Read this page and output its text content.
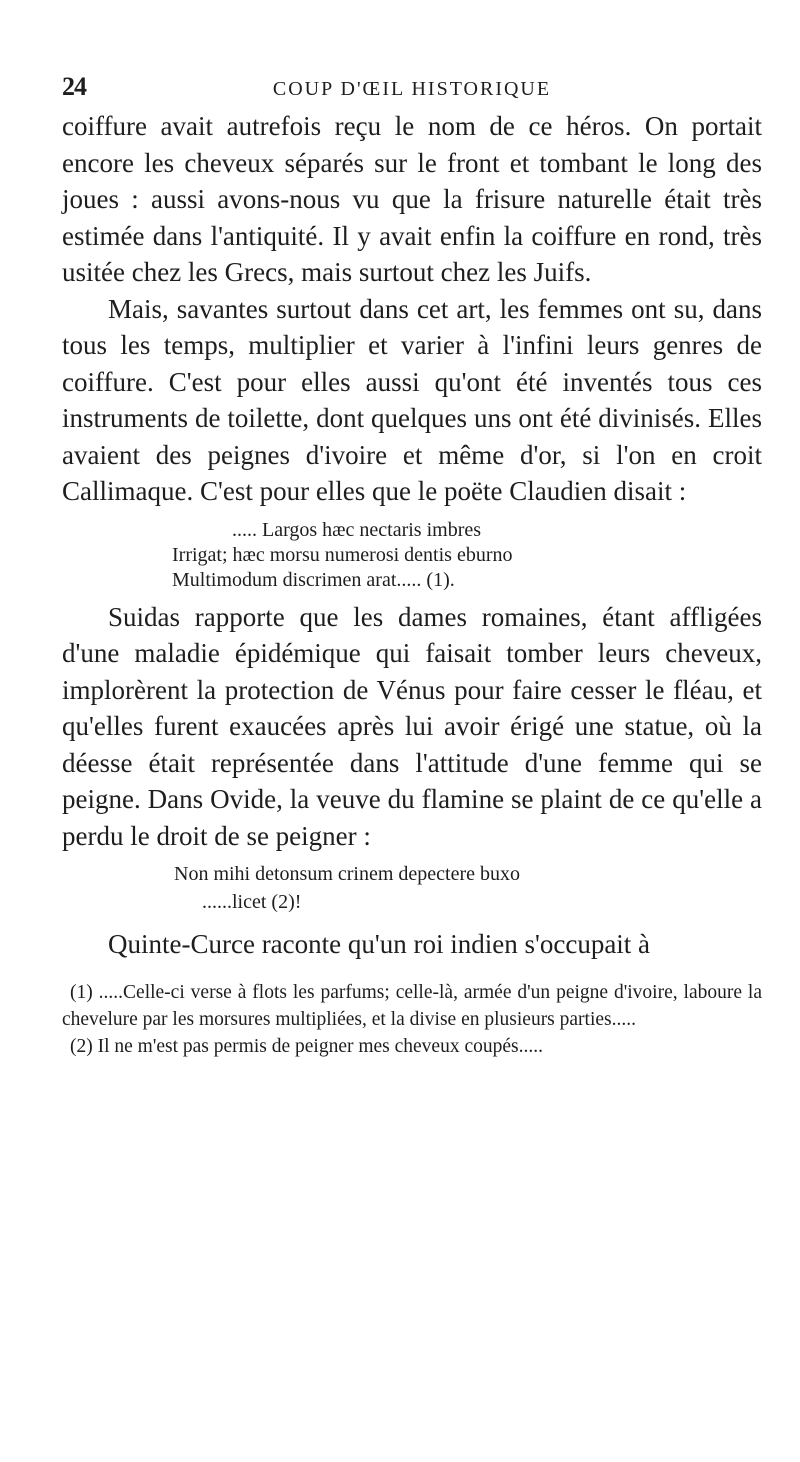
24	COUP D'ŒIL HISTORIQUE

coiffure avait autrefois reçu le nom de ce héros. On portait encore les cheveux séparés sur le front et tombant le long des joues : aussi avons-nous vu que la frisure naturelle était très estimée dans l'antiquité. Il y avait enfin la coiffure en rond, très usitée chez les Grecs, mais surtout chez les Juifs.

Mais, savantes surtout dans cet art, les femmes ont su, dans tous les temps, multiplier et varier à l'infini leurs genres de coiffure. C'est pour elles aussi qu'ont été inventés tous ces instruments de toilette, dont quelques uns ont été divinisés. Elles avaient des peignes d'ivoire et même d'or, si l'on en croit Callimaque. C'est pour elles que le poëte Claudien disait :

..... Largos hæc nectaris imbres
Irrigat; hæc morsu numerosi dentis eburno
Multimodum discrimen arat..... (1).

Suidas rapporte que les dames romaines, étant affligées d'une maladie épidémique qui faisait tomber leurs cheveux, implorèrent la protection de Vénus pour faire cesser le fléau, et qu'elles furent exaucées après lui avoir érigé une statue, où la déesse était représentée dans l'attitude d'une femme qui se peigne. Dans Ovide, la veuve du flamine se plaint de ce qu'elle a perdu le droit de se peigner :

Non mihi detonsum crinem depectere buxo
......licet (2)!

Quinte-Curce raconte qu'un roi indien s'occupait à

(1) .....Celle-ci verse à flots les parfums; celle-là, armée d'un peigne d'ivoire, laboure la chevelure par les morsures multipliées, et la divise en plusieurs parties.....

(2) Il ne m'est pas permis de peigner mes cheveux coupés.....
